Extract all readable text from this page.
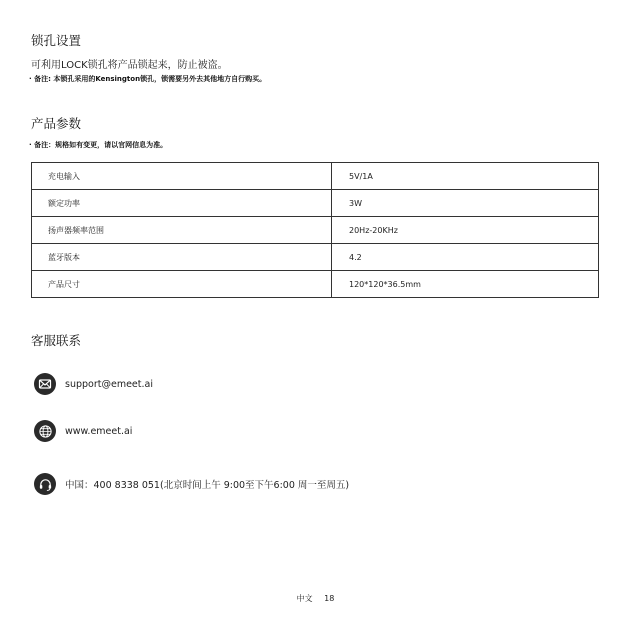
锁孔设置
可利用LOCK锁孔将产品锁起来，防止被盗。
· 备注: 本锁孔采用的Kensington锁孔，锁需要另外去其他地方自行购买。
产品参数
· 备注：规格如有变更，请以官网信息为准。
充电输入	5V/1A
额定功率	3W
扬声器频率范围	20Hz-20KHz
蓝牙版本	4.2
产品尺寸	120*120*36.5mm
客服联系
support@emeet.ai
www.emeet.ai
中国：400 8338 051(北京时间上午 9:00至下午6:00 周一至周五)
中文 18
